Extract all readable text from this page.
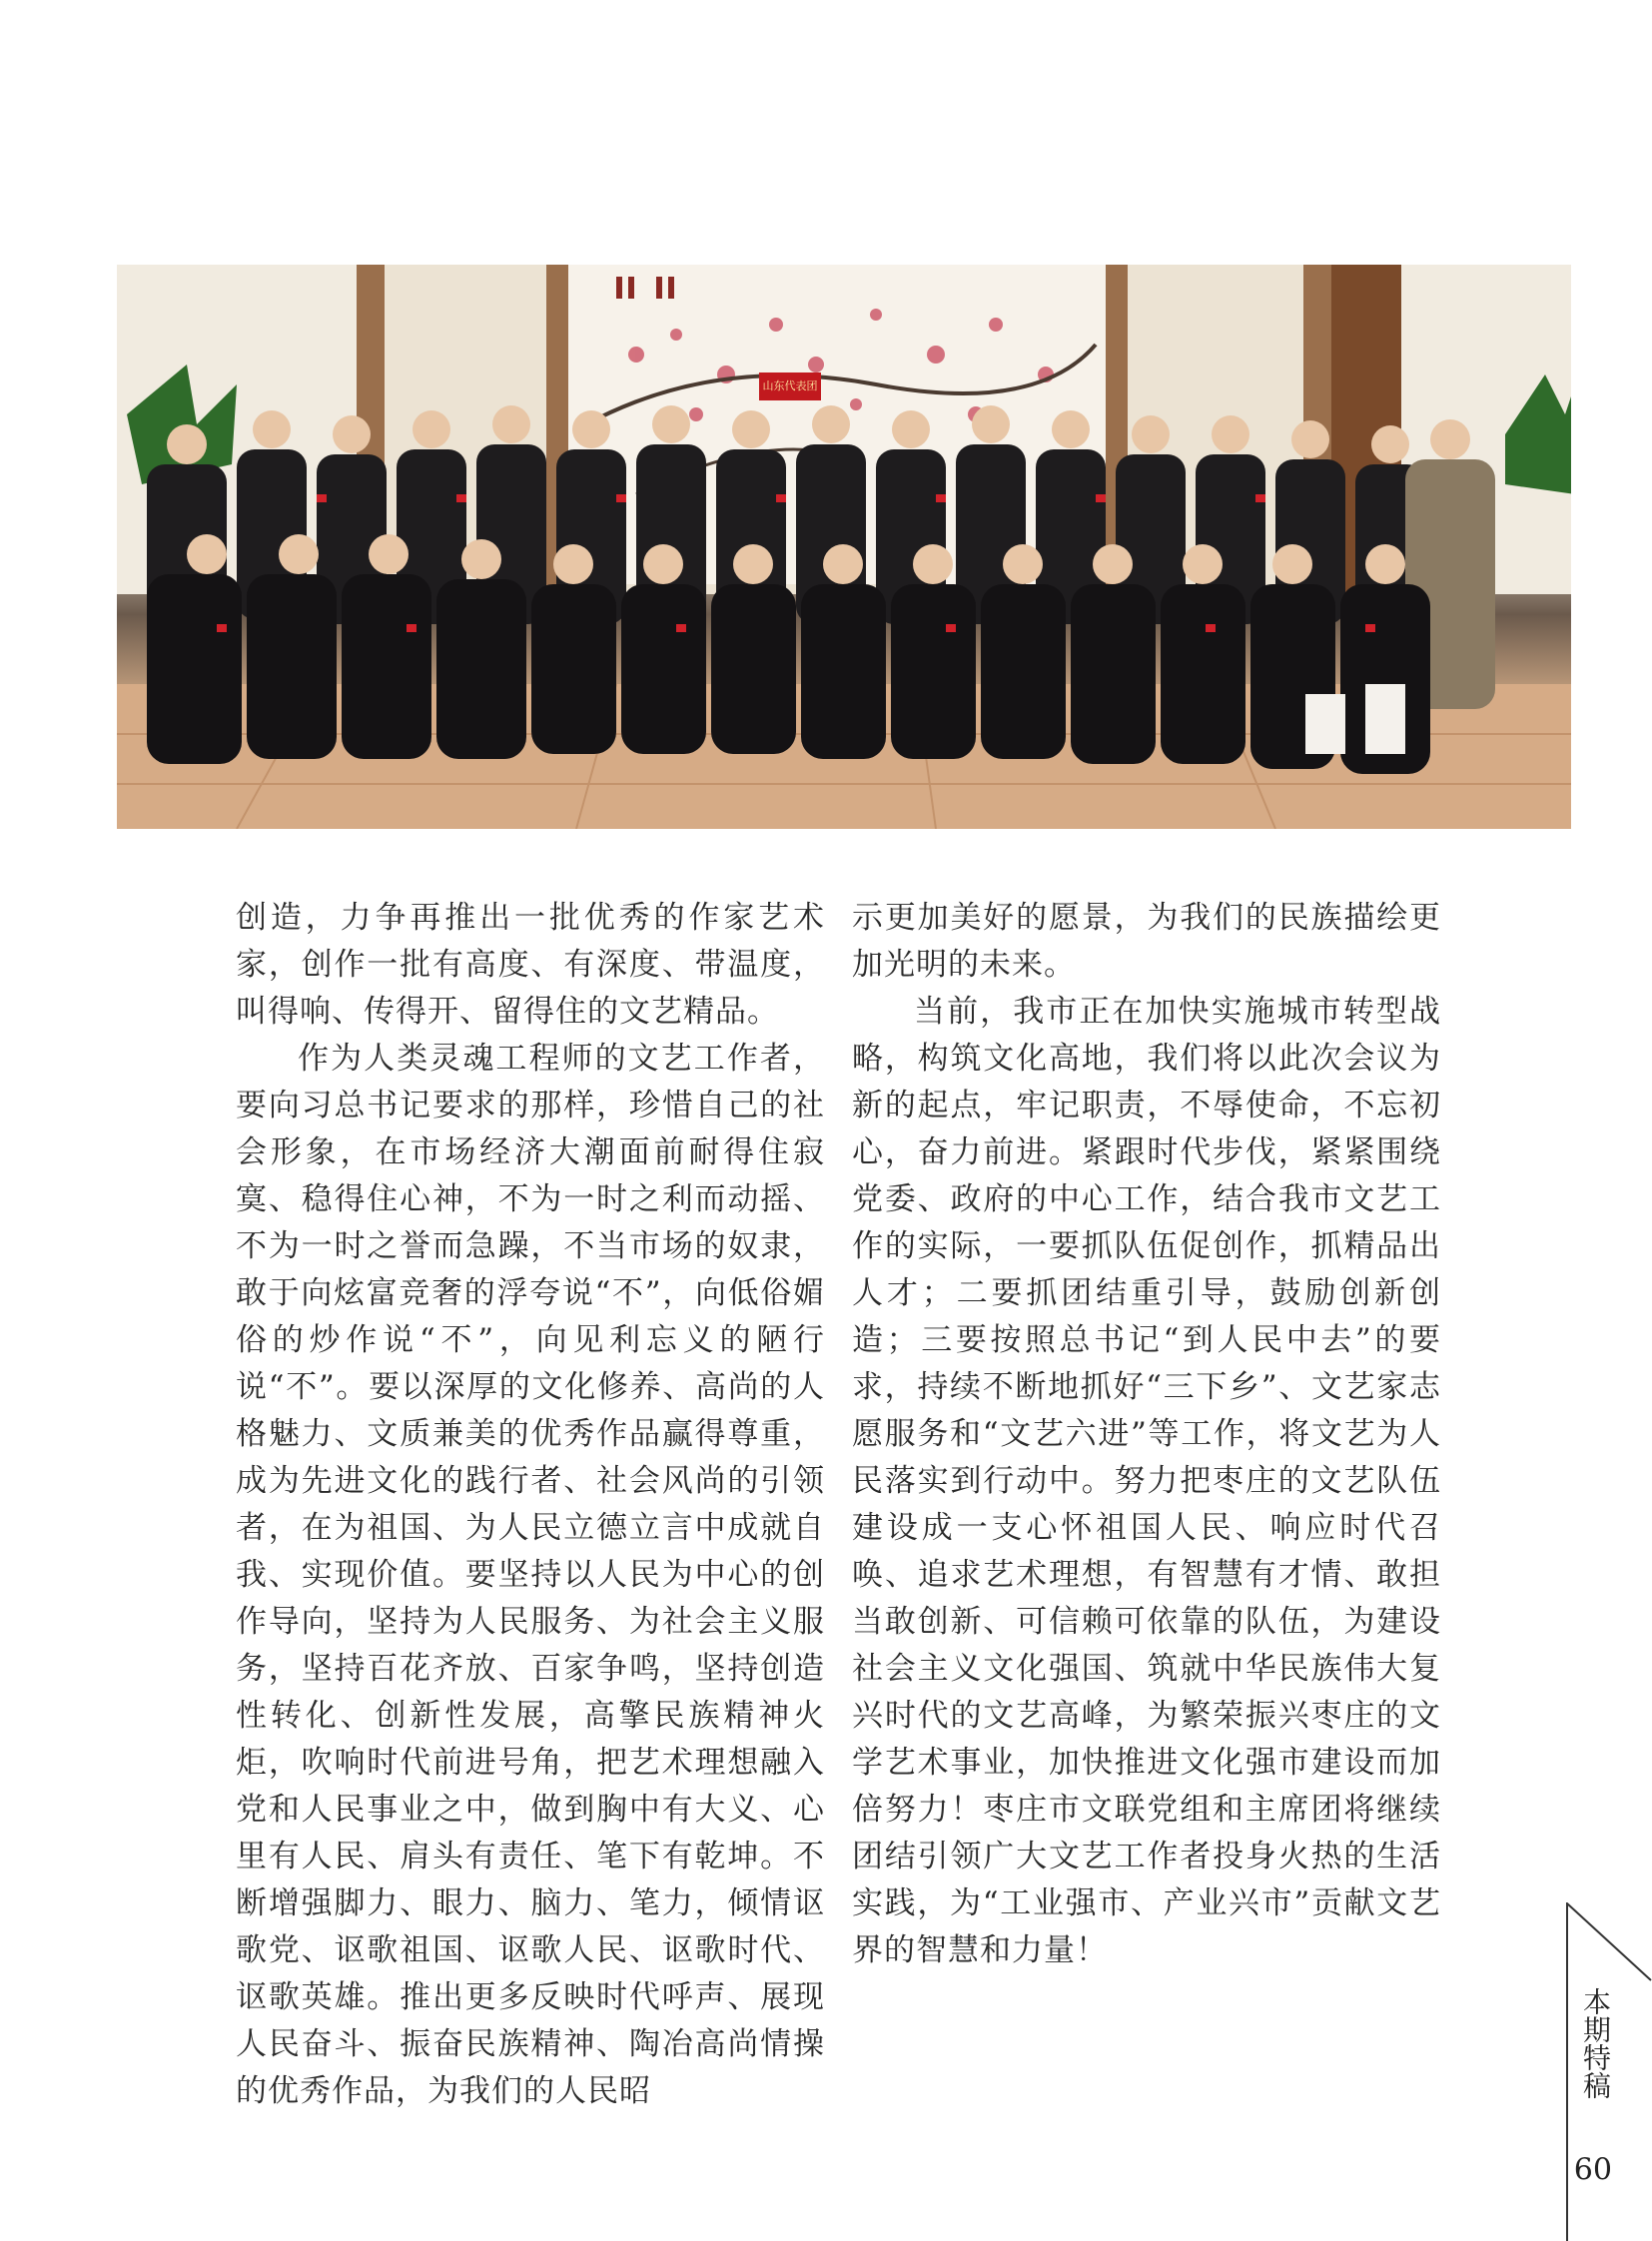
山东代表团

创造，力争再推出一批优秀的作家艺术家，创作一批有高度、有深度、带温度，叫得响、传得开、留得住的文艺精品。

作为人类灵魂工程师的文艺工作者，要向习总书记要求的那样，珍惜自己的社会形象，在市场经济大潮面前耐得住寂寞、稳得住心神，不为一时之利而动摇、不为一时之誉而急躁，不当市场的奴隶，敢于向炫富竞奢的浮夸说“不”，向低俗媚俗的炒作说“不”，向见利忘义的陋行说“不”。要以深厚的文化修养、高尚的人格魅力、文质兼美的优秀作品赢得尊重，成为先进文化的践行者、社会风尚的引领者，在为祖国、为人民立德立言中成就自我、实现价值。要坚持以人民为中心的创作导向，坚持为人民服务、为社会主义服务，坚持百花齐放、百家争鸣，坚持创造性转化、创新性发展，高擎民族精神火炬，吹响时代前进号角，把艺术理想融入党和人民事业之中，做到胸中有大义、心里有人民、肩头有责任、笔下有乾坤。不断增强脚力、眼力、脑力、笔力，倾情讴歌党、讴歌祖国、讴歌人民、讴歌时代、讴歌英雄。推出更多反映时代呼声、展现人民奋斗、振奋民族精神、陶冶高尚情操的优秀作品，为我们的人民昭

示更加美好的愿景，为我们的民族描绘更加光明的未来。

当前，我市正在加快实施城市转型战略，构筑文化高地，我们将以此次会议为新的起点，牢记职责，不辱使命，不忘初心，奋力前进。紧跟时代步伐，紧紧围绕党委、政府的中心工作，结合我市文艺工作的实际，一要抓队伍促创作，抓精品出人才；二要抓团结重引导，鼓励创新创造；三要按照总书记“到人民中去”的要求，持续不断地抓好“三下乡”、文艺家志愿服务和“文艺六进”等工作，将文艺为人民落实到行动中。努力把枣庄的文艺队伍建设成一支心怀祖国人民、响应时代召唤、追求艺术理想，有智慧有才情、敢担当敢创新、可信赖可依靠的队伍，为建设社会主义文化强国、筑就中华民族伟大复兴时代的文艺高峰，为繁荣振兴枣庄的文学艺术事业，加快推进文化强市建设而加倍努力！枣庄市文联党组和主席团将继续团结引领广大文艺工作者投身火热的生活实践，为“工业强市、产业兴市”贡献文艺界的智慧和力量！

本期特稿
09
